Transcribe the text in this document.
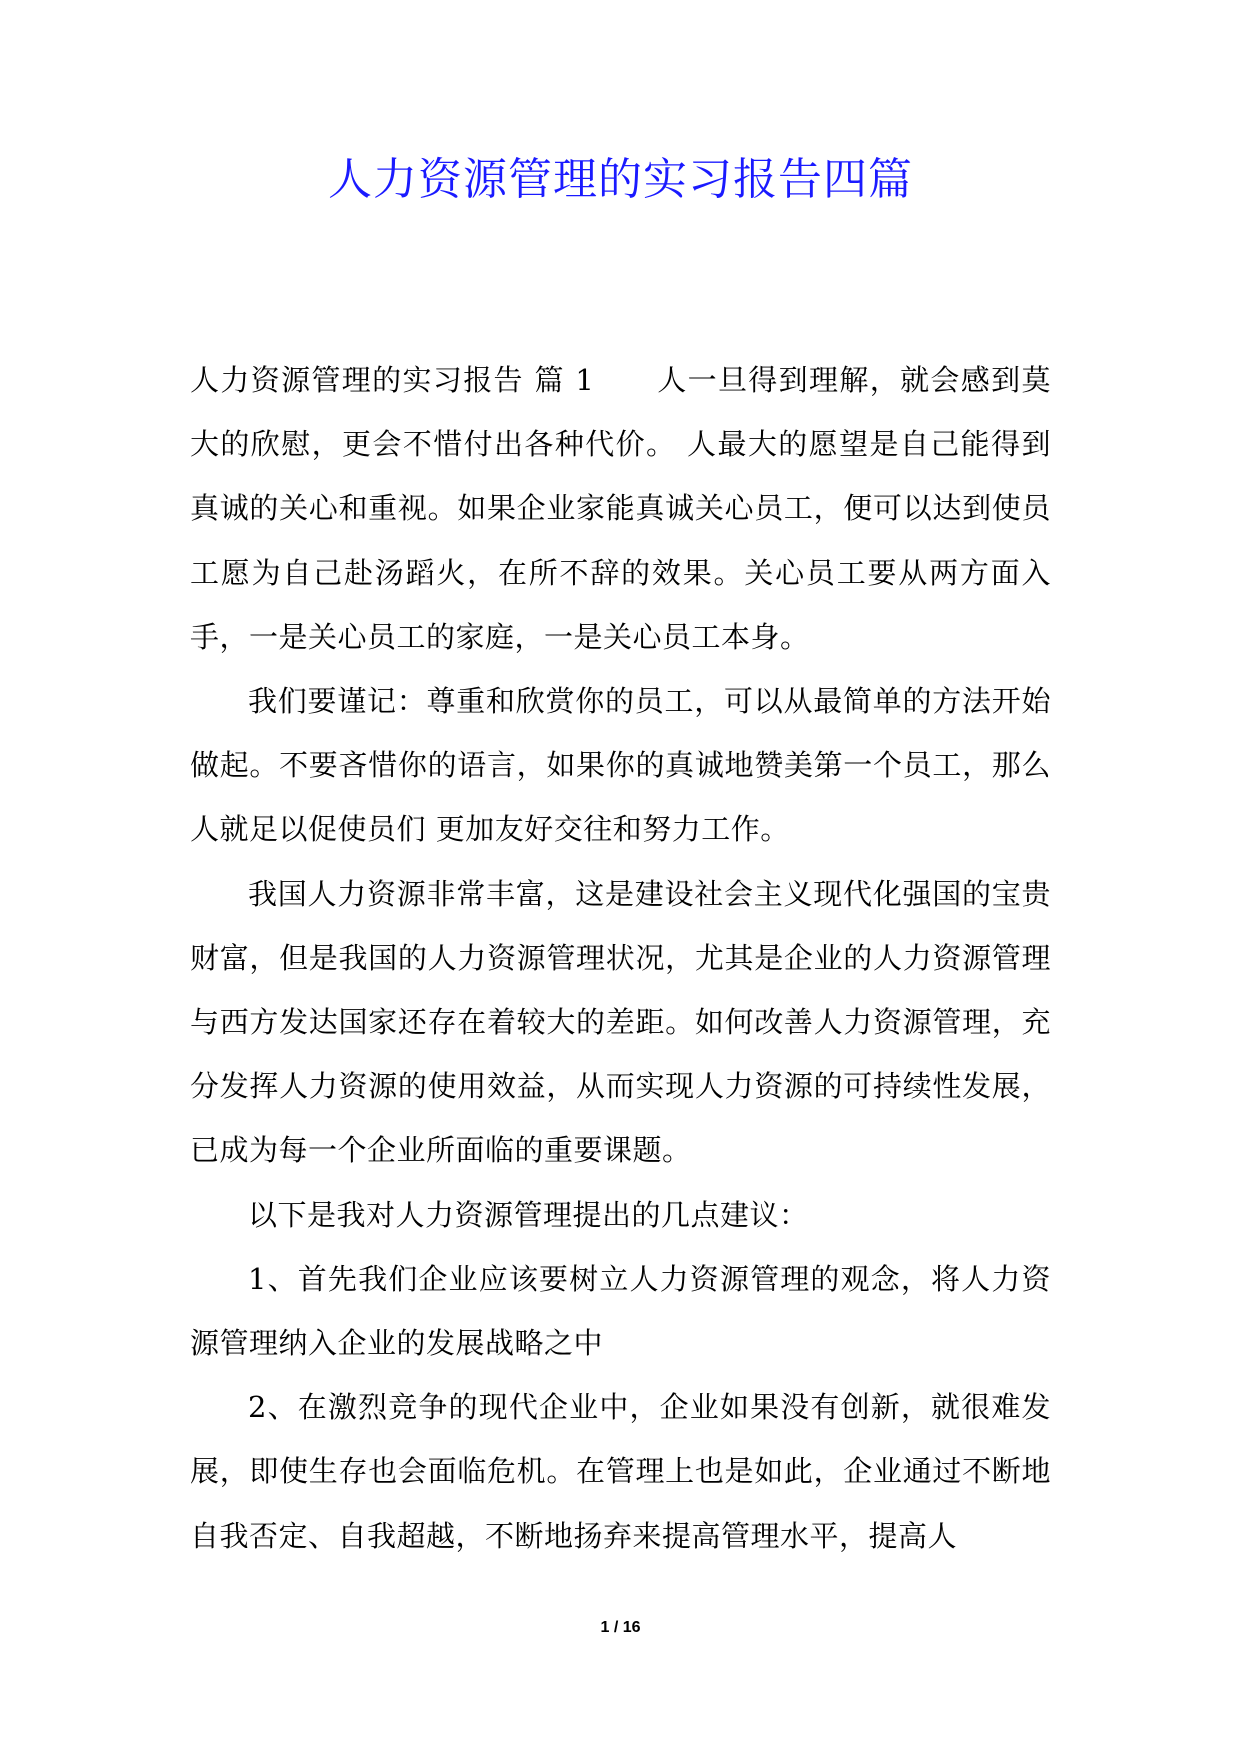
人力资源管理的实习报告四篇

人力资源管理的实习报告 篇 1 人一旦得到理解，就会感到莫大的欣慰，更会不惜付出各种代价。 人最大的愿望是自己能得到真诚的关心和重视。如果企业家能真诚关心员工，便可以达到使员工愿为自己赴汤蹈火，在所不辞的效果。关心员工要从两方面入手，一是关心员工的家庭，一是关心员工本身。

我们要谨记：尊重和欣赏你的员工，可以从最简单的方法开始做起。不要吝惜你的语言，如果你的真诚地赞美第一个员工，那么人就足以促使员们 更加友好交往和努力工作。

我国人力资源非常丰富，这是建设社会主义现代化强国的宝贵财富，但是我国的人力资源管理状况，尤其是企业的人力资源管理与西方发达国家还存在着较大的差距。如何改善人力资源管理，充分发挥人力资源的使用效益，从而实现人力资源的可持续性发展，已成为每一个企业所面临的重要课题。

以下是我对人力资源管理提出的几点建议：

1、首先我们企业应该要树立人力资源管理的观念，将人力资源管理纳入企业的发展战略之中

2、在激烈竞争的现代企业中，企业如果没有创新，就很难发展，即使生存也会面临危机。在管理上也是如此，企业通过不断地自我否定、自我超越，不断地扬弃来提高管理水平，提高人

1 / 16
